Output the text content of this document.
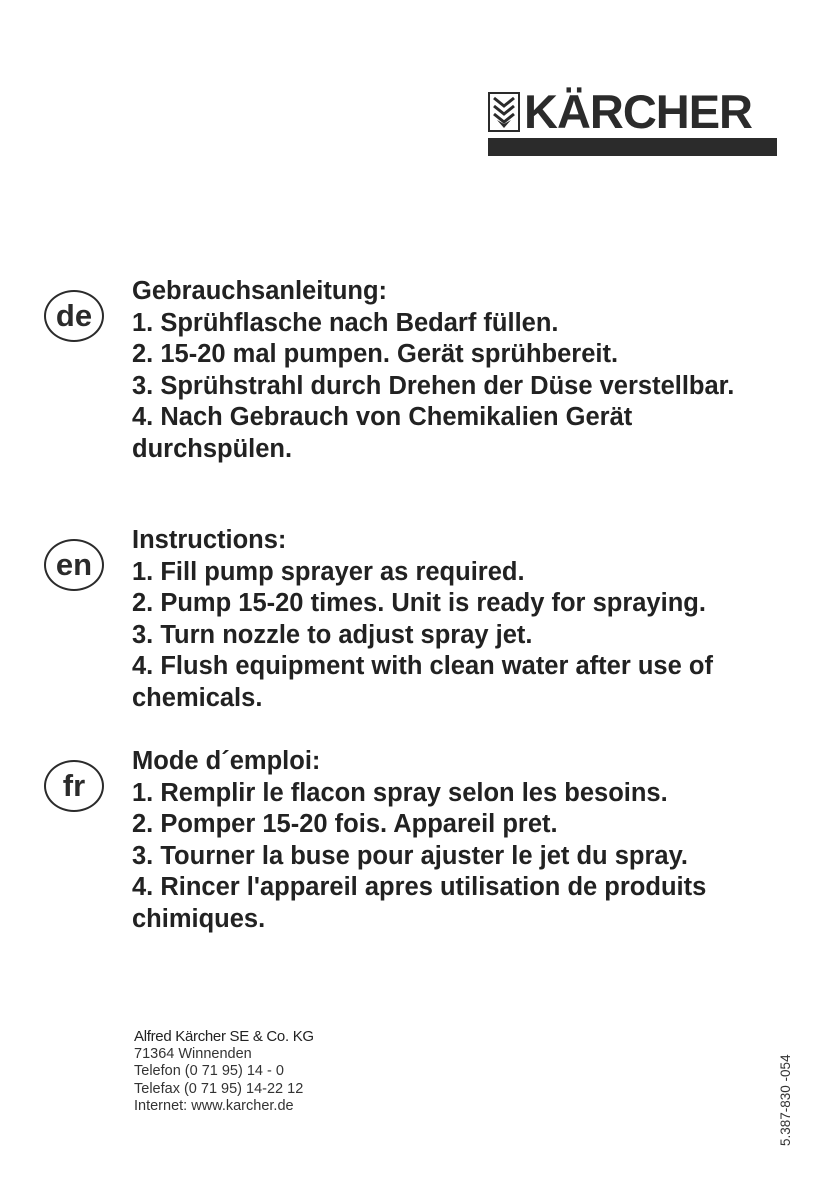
KÄRCHER
de
Gebrauchsanleitung:
1. Sprühflasche nach Bedarf füllen.
2. 15-20 mal pumpen. Gerät sprühbereit.
3. Sprühstrahl durch Drehen der Düse verstellbar.
4. Nach Gebrauch von Chemikalien Gerät
durchspülen.
en
Instructions:
1. Fill pump sprayer as required.
2. Pump 15-20 times. Unit is ready for spraying.
3. Turn nozzle to adjust spray jet.
4. Flush equipment with clean water after use of
chemicals.
fr
Mode d´emploi:
1. Remplir le flacon spray selon les besoins.
2. Pomper 15-20 fois. Appareil pret.
3. Tourner la buse pour ajuster le jet du spray.
4. Rincer l'appareil apres utilisation de produits
chimiques.
Alfred Kärcher SE & Co. KG
71364 Winnenden
Telefon (0 71 95) 14 - 0
Telefax (0 71 95) 14-22 12
Internet: www.karcher.de	5.387-830 -054
